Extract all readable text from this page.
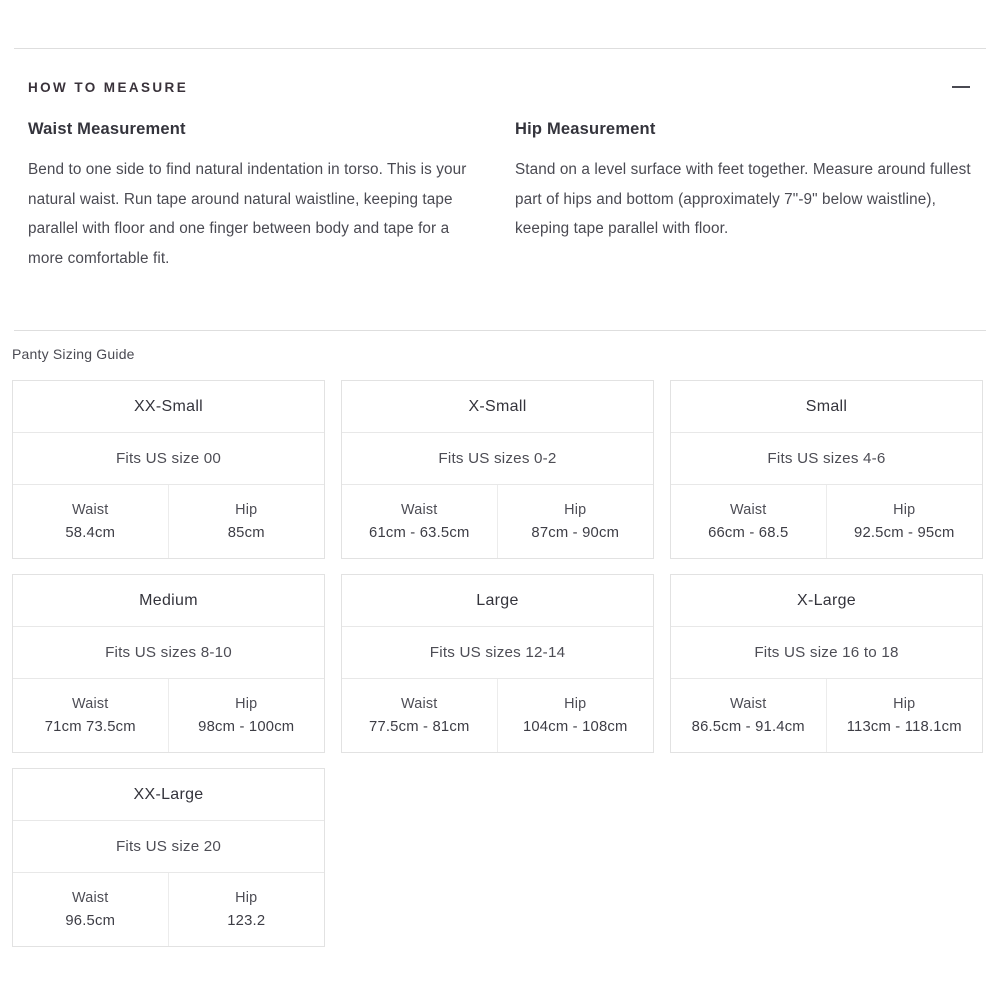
HOW TO MEASURE
Waist Measurement

Bend to one side to find natural indentation in torso. This is your natural waist. Run tape around natural waistline, keeping tape parallel with floor and one finger between body and tape for a more comfortable fit.

Hip Measurement

Stand on a level surface with feet together. Measure around fullest part of hips and bottom (approximately 7"-9" below waistline), keeping tape parallel with floor.

Panty Sizing Guide
XX-Small
Fits US size 00
Waist
58.4cm
Hip
85cm
X-Small
Fits US sizes 0-2
Waist
61cm - 63.5cm
Hip
87cm - 90cm
Small
Fits US sizes 4-6
Waist
66cm - 68.5
Hip
92.5cm - 95cm
Medium
Fits US sizes 8-10
Waist
71cm 73.5cm
Hip
98cm - 100cm
Large
Fits US sizes 12-14
Waist
77.5cm - 81cm
Hip
104cm - 108cm
X-Large
Fits US size 16 to 18
Waist
86.5cm - 91.4cm
Hip
113cm - 118.1cm
XX-Large
Fits US size 20
Waist
96.5cm
Hip
123.2
